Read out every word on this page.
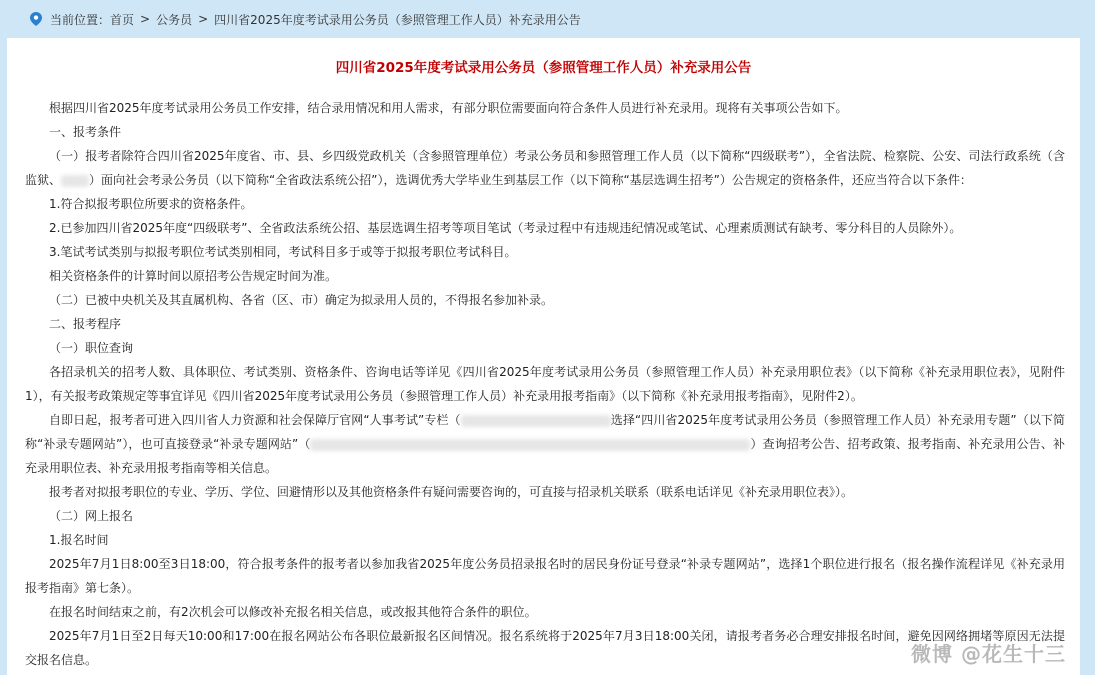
当前位置： 首页 > 公务员 > 四川省2025年度考试录用公务员（参照管理工作人员）补充录用公告
四川省2025年度考试录用公务员（参照管理工作人员）补充录用公告

根据四川省2025年度考试录用公务员工作安排，结合录用情况和用人需求，有部分职位需要面向符合条件人员进行补充录用。现将有关事项公告如下。

一、报考条件

（一）报考者除符合四川省2025年度省、市、县、乡四级党政机关（含参照管理单位）考录公务员和参照管理工作人员（以下简称“四级联考”），全省法院、检察院、公安、司法行政系统（含监狱、 ）面向社会考录公务员（以下简称“全省政法系统公招”），选调优秀大学毕业生到基层工作（以下简称“基层选调生招考”）公告规定的资格条件，还应当符合以下条件：

1.符合拟报考职位所要求的资格条件。

2.已参加四川省2025年度“四级联考”、全省政法系统公招、基层选调生招考等项目笔试（考录过程中有违规违纪情况或笔试、心理素质测试有缺考、零分科目的人员除外）。

3.笔试考试类别与拟报考职位考试类别相同，考试科目多于或等于拟报考职位考试科目。

相关资格条件的计算时间以原招考公告规定时间为准。

（二）已被中央机关及其直属机构、各省（区、市）确定为拟录用人员的，不得报名参加补录。

二、报考程序

（一）职位查询

各招录机关的招考人数、具体职位、考试类别、资格条件、咨询电话等详见《四川省2025年度考试录用公务员（参照管理工作人员）补充录用职位表》（以下简称《补充录用职位表》，见附件1），有关报考政策规定等事宜详见《四川省2025年度考试录用公务员（参照管理工作人员）补充录用报考指南》（以下简称《补充录用报考指南》，见附件2）。

自即日起，报考者可进入四川省人力资源和社会保障厅官网“人事考试”专栏（	选择“四川省2025年度考试录用公务员（参照管理工作人员）补充录用专题”（以下简称“补录专题网站”），也可直接登录“补录专题网站”（	）查询招考公告、招考政策、报考指南、补充录用公告、补充录用职位表、补充录用报考指南等相关信息。

报考者对拟报考职位的专业、学历、学位、回避情形以及其他资格条件有疑问需要咨询的，可直接与招录机关联系（联系电话详见《补充录用职位表》）。

（二）网上报名

1.报名时间

2025年7月1日8:00至3日18:00，符合报考条件的报考者以参加我省2025年度公务员招录报名时的居民身份证号登录“补录专题网站”，选择1个职位进行报名（报名操作流程详见《补充录用报考指南》第七条）。

在报名时间结束之前，有2次机会可以修改补充报名相关信息，或改报其他符合条件的职位。

2025年7月1日至2日每天10:00和17:00在报名网站公布各职位最新报名区间情况。报名系统将于2025年7月3日18:00关闭，请报考者务必合理安排报名时间，避免因网络拥堵等原因无法提交报名信息。	微博 @花生十三
